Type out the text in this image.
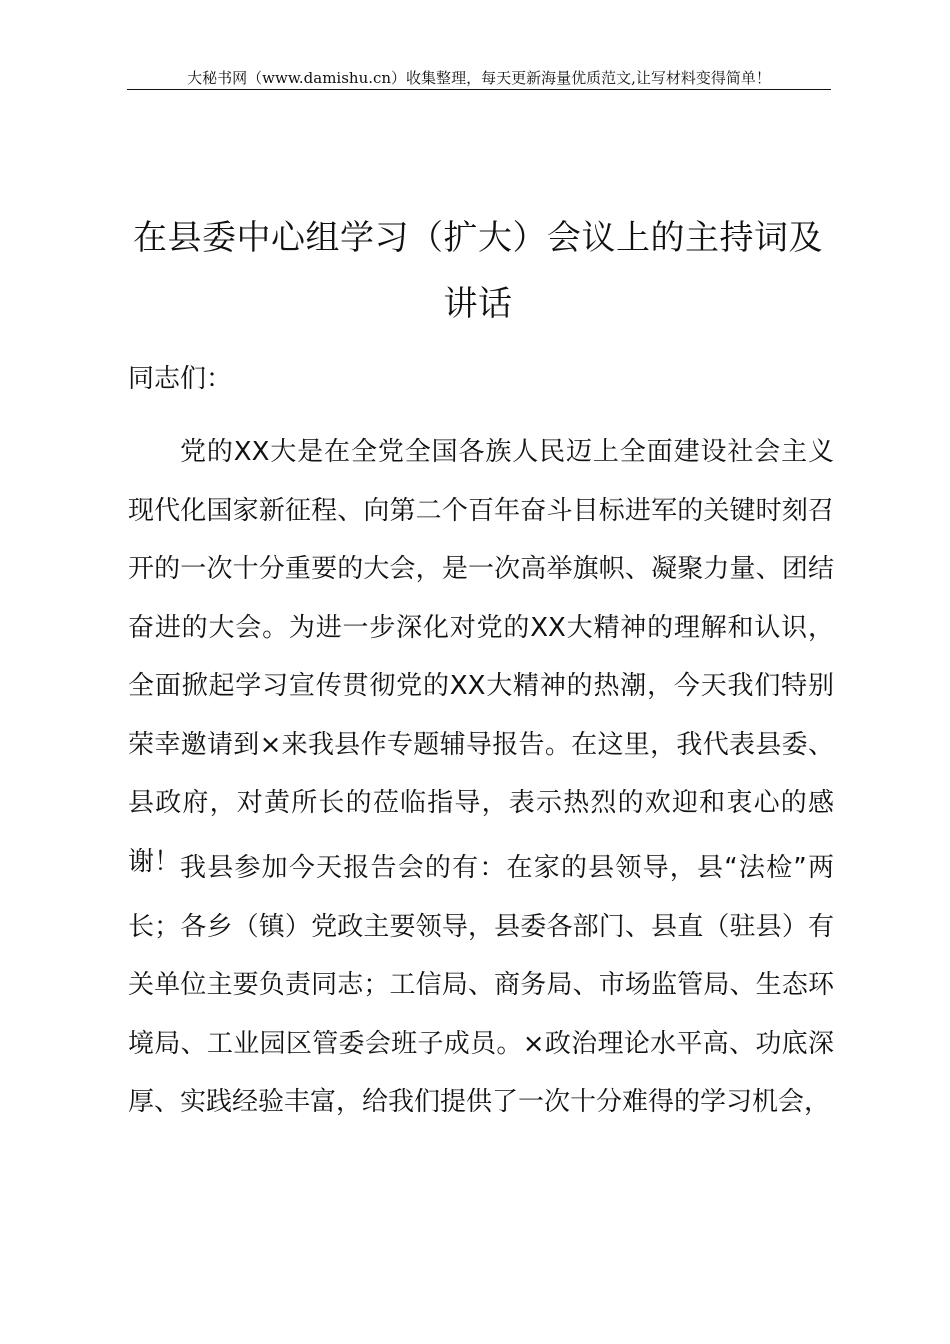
大秘书网（www.damishu.cn）收集整理，每天更新海量优质范文,让写材料变得简单！
在县委中心组学习（扩大）会议上的主持词及讲话
同志们：

党的XX大是在全党全国各族人民迈上全面建设社会主义现代化国家新征程、向第二个百年奋斗目标进军的关键时刻召开的一次十分重要的大会，是一次高举旗帜、凝聚力量、团结奋进的大会。为进一步深化对党的XX大精神的理解和认识，全面掀起学习宣传贯彻党的XX大精神的热潮，今天我们特别荣幸邀请到×来我县作专题辅导报告。在这里，我代表县委、县政府，对黄所长的莅临指导，表示热烈的欢迎和衷心的感谢！ 我县参加今天报告会的有：在家的县领导，县“法检”两长；各乡（镇）党政主要领导，县委各部门、县直（驻县）有关单位主要负责同志；工信局、商务局、市场监管局、生态环境局、工业园区管委会班子成员。×政治理论水平高、功底深厚、实践经验丰富，给我们提供了一次十分难得的学习机会，
